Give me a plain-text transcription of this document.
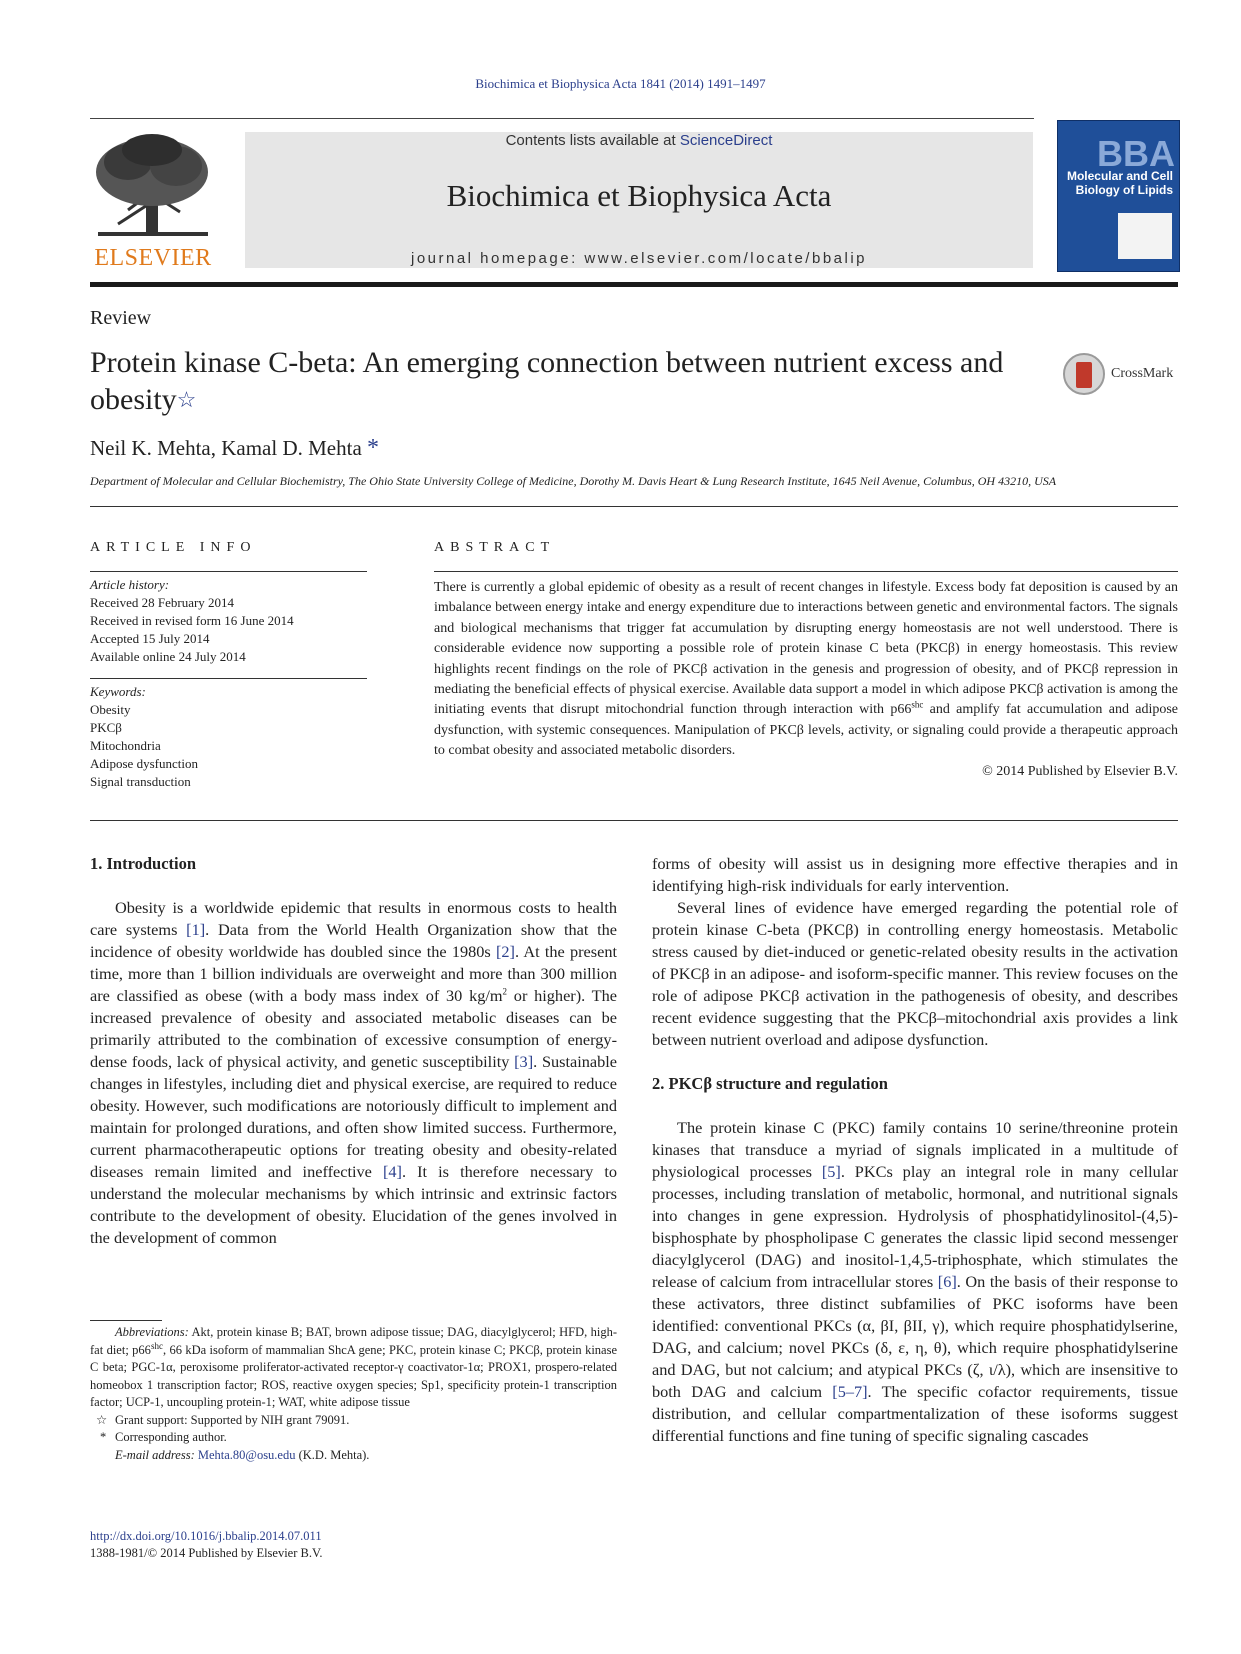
Biochimica et Biophysica Acta 1841 (2014) 1491–1497
ELSEVIER
Contents lists available at ScienceDirect
Biochimica et Biophysica Acta
journal homepage: www.elsevier.com/locate/bbalip
BBA
Molecular and Cell Biology of Lipids
Review
Protein kinase C-beta: An emerging connection between nutrient excess and obesity☆
CrossMark
Neil K. Mehta, Kamal D. Mehta *
Department of Molecular and Cellular Biochemistry, The Ohio State University College of Medicine, Dorothy M. Davis Heart & Lung Research Institute, 1645 Neil Avenue, Columbus, OH 43210, USA
ARTICLE INFO
Article history:
Received 28 February 2014
Received in revised form 16 June 2014
Accepted 15 July 2014
Available online 24 July 2014
Keywords:
Obesity
PKCβ
Mitochondria
Adipose dysfunction
Signal transduction
ABSTRACT
There is currently a global epidemic of obesity as a result of recent changes in lifestyle. Excess body fat deposition is caused by an imbalance between energy intake and energy expenditure due to interactions between genetic and environmental factors. The signals and biological mechanisms that trigger fat accumulation by disrupting energy homeostasis are not well understood. There is considerable evidence now supporting a possible role of protein kinase C beta (PKCβ) in energy homeostasis. This review highlights recent findings on the role of PKCβ activation in the genesis and progression of obesity, and of PKCβ repression in mediating the beneficial effects of physical exercise. Available data support a model in which adipose PKCβ activation is among the initiating events that disrupt mitochondrial function through interaction with $p66^{shc}$ and amplify fat accumulation and adipose dysfunction, with systemic consequences. Manipulation of PKCβ levels, activity, or signaling could provide a therapeutic approach to combat obesity and associated metabolic disorders.
© 2014 Published by Elsevier B.V.
1. Introduction

Obesity is a worldwide epidemic that results in enormous costs to health care systems [1]. Data from the World Health Organization show that the incidence of obesity worldwide has doubled since the 1980s [2]. At the present time, more than 1 billion individuals are overweight and more than 300 million are classified as obese (with a body mass index of 30 $kg/m^2$ or higher). The increased prevalence of obesity and associated metabolic diseases can be primarily attributed to the combination of excessive consumption of energy-dense foods, lack of physical activity, and genetic susceptibility [3]. Sustainable changes in lifestyles, including diet and physical exercise, are required to reduce obesity. However, such modifications are notoriously difficult to implement and maintain for prolonged durations, and often show limited success. Furthermore, current pharmacotherapeutic options for treating obesity and obesity-related diseases remain limited and ineffective [4]. It is therefore necessary to understand the molecular mechanisms by which intrinsic and extrinsic factors contribute to the development of obesity. Elucidation of the genes involved in the development of common

Abbreviations: Akt, protein kinase B; BAT, brown adipose tissue; DAG, diacylglycerol; HFD, high-fat diet; $p66^{shc}$, 66 kDa isoform of mammalian ShcA gene; PKC, protein kinase C; PKCβ, protein kinase C beta; PGC-1α, peroxisome proliferator-activated receptor-γ coactivator-1α; PROX1, prospero-related homeobox 1 transcription factor; ROS, reactive oxygen species; Sp1, specificity protein-1 transcription factor; UCP-1, uncoupling protein-1; WAT, white adipose tissue

☆ Grant support: Supported by NIH grant 79091.

* Corresponding author.

E-mail address: Mehta.80@osu.edu (K.D. Mehta).

http://dx.doi.org/10.1016/j.bbalip.2014.07.011
1388-1981/© 2014 Published by Elsevier B.V.

forms of obesity will assist us in designing more effective therapies and in identifying high-risk individuals for early intervention.

Several lines of evidence have emerged regarding the potential role of protein kinase C-beta (PKCβ) in controlling energy homeostasis. Metabolic stress caused by diet-induced or genetic-related obesity results in the activation of PKCβ in an adipose- and isoform-specific manner. This review focuses on the role of adipose PKCβ activation in the pathogenesis of obesity, and describes recent evidence suggesting that the PKCβ–mitochondrial axis provides a link between nutrient overload and adipose dysfunction.

2. PKCβ structure and regulation

The protein kinase C (PKC) family contains 10 serine/threonine protein kinases that transduce a myriad of signals implicated in a multitude of physiological processes [5]. PKCs play an integral role in many cellular processes, including translation of metabolic, hormonal, and nutritional signals into changes in gene expression. Hydrolysis of phosphatidylinositol-(4,5)-bisphosphate by phospholipase C generates the classic lipid second messenger diacylglycerol (DAG) and inositol-1,4,5-triphosphate, which stimulates the release of calcium from intracellular stores [6]. On the basis of their response to these activators, three distinct subfamilies of PKC isoforms have been identified: conventional PKCs (α, βI, βII, γ), which require phosphatidylserine, DAG, and calcium; novel PKCs (δ, ε, η, θ), which require phosphatidylserine and DAG, but not calcium; and atypical PKCs (ζ, ι/λ), which are insensitive to both DAG and calcium [5–7]. The specific cofactor requirements, tissue distribution, and cellular compartmentalization of these isoforms suggest differential functions and fine tuning of specific signaling cascades
